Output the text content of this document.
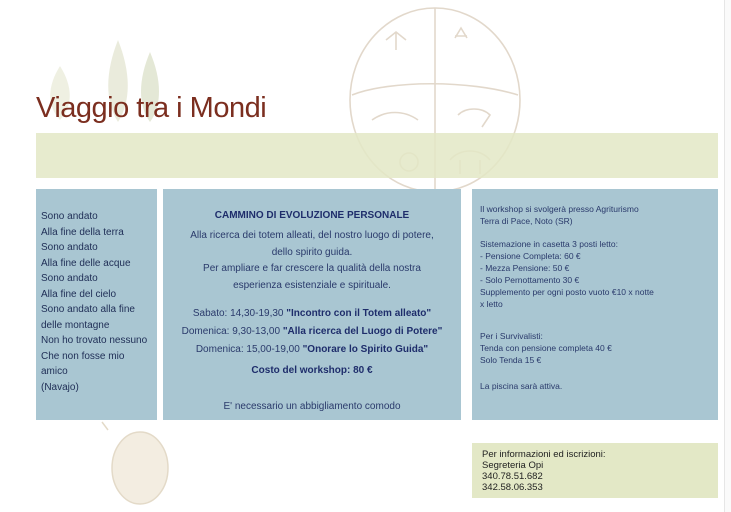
Viaggio tra i Mondi
Sono andato
Alla fine della terra
Sono andato
Alla fine delle acque
Sono andato
Alla fine del cielo
Sono andato alla fine
delle montagne
Non ho trovato nessuno
Che non fosse mio
amico
(Navajo)
CAMMINO DI EVOLUZIONE PERSONALE
Alla ricerca dei totem alleati, del nostro luogo di potere,
dello spirito guida.
Per ampliare e far crescere la qualità della nostra
esperienza esistenziale e spirituale.
Sabato: 14,30-19,30 "Incontro con il Totem alleato"
Domenica: 9,30-13,00 "Alla ricerca del Luogo di Potere"
Domenica: 15,00-19,00 "Onorare lo Spirito Guida"
Costo del workshop: 80 €
E' necessario un abbigliamento comodo
Il workshop si svolgerà presso Agriturismo
Terra di Pace, Noto (SR)
Sistemazione in casetta 3 posti letto:
- Pensione Completa: 60 €
- Mezza Pensione: 50 €
- Solo Pernottamento 30 €
Supplemento per ogni posto vuoto €10 x notte
x letto
Per i Survivalisti:
Tenda con pensione completa 40 €
Solo Tenda 15 €
La piscina sarà attiva.
Per informazioni ed iscrizioni:
Segreteria Opi
340.78.51.682
342.58.06.353
